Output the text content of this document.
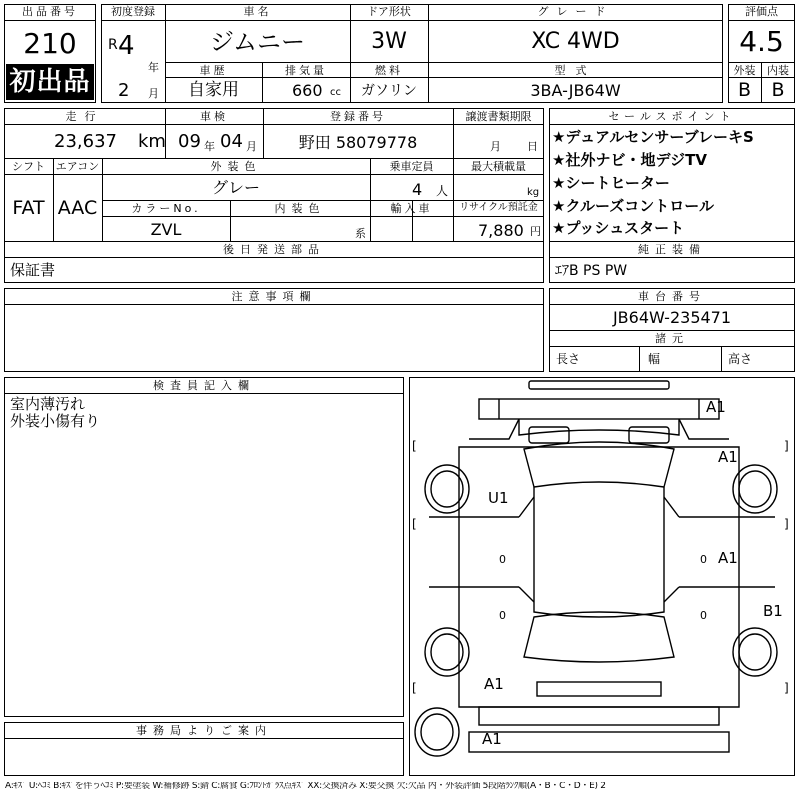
出品番号
210
初出品
初度登録
R 4
年
2 月
車名
ジムニー
ドア形状
3W
グレード
XC 4WD
車歴
自家用
排気量
660 cc
燃料
ガソリン
型式
3BA-JB64W
評価点
4.5
外装	内装
B	B
走行
23,637 km
車検
09 年 04 月
登録番号
野田 58079778
譲渡書類期限
月 日
シフト
FAT
エアコン
AAC
外装色
グレー
乗車定員
4 人
最大積載量
kg
カラーNo.
ZVL
内装色
系
輸入車	リサイクル預託金
7,880 円
後日発送部品
保証書
セールスポイント
★デュアルセンサーブレーキS
★社外ナビ・地デジTV
★シートヒーター
★クルーズコントロール
★プッシュスタート
純正装備
ｴｱB PS PW
注意事項欄	車台番号
JB64W-235471
諸元
長さ	幅	高さ
検査員記入欄
室内薄汚れ
外装小傷有り
事務局よりご案内
A1
A1
U1
A1
B1
A1
A1
0
0
0
0
[	]
[	]
[	]
A:ｷｽﾞ U:ﾍｺﾐ B:ｷｽﾞを伴うﾍｺﾐ P:要塗装 W:補修跡 S:錆 C:腐食 G:ﾌﾛﾝﾄｶﾞﾗｽ点ｷｽﾞ XX:交換済み X:要交換 欠:欠品 内・外装評価 5段階ﾗﾝｸ順(A・B・C・D・E) 2
